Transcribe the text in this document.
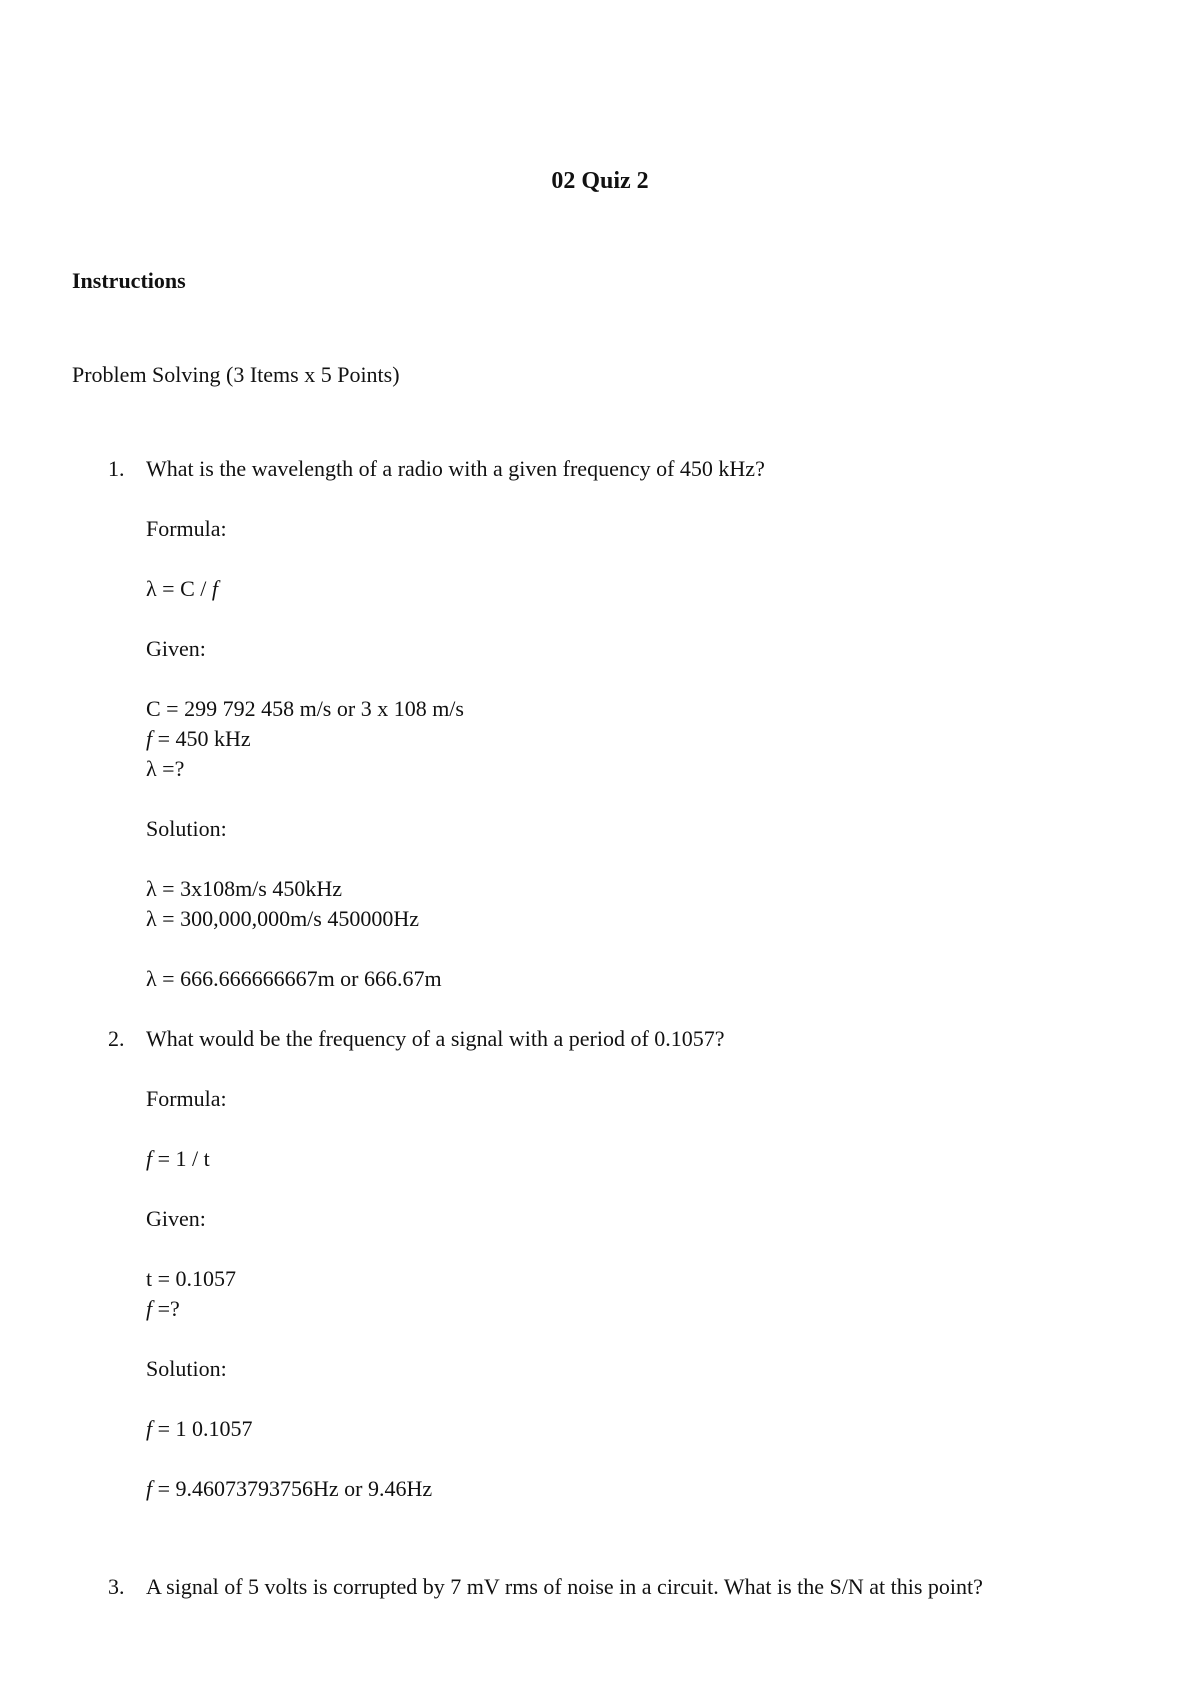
02 Quiz 2
Instructions
Problem Solving (3 Items x 5 Points)
1. What is the wavelength of a radio with a given frequency of 450 kHz?
Formula:
λ = C / f
Given:
C = 299 792 458 m/s or 3 x 108 m/s
f = 450 kHz
λ =?
Solution:
λ = 3x108m/s 450kHz
λ = 300,000,000m/s 450000Hz
λ = 666.666666667m or 666.67m
2. What would be the frequency of a signal with a period of 0.1057?
Formula:
f = 1 / t
Given:
t = 0.1057
f =?
Solution:
f = 1 0.1057
f = 9.46073793756Hz or 9.46Hz
3. A signal of 5 volts is corrupted by 7 mV rms of noise in a circuit. What is the S/N at this point?
